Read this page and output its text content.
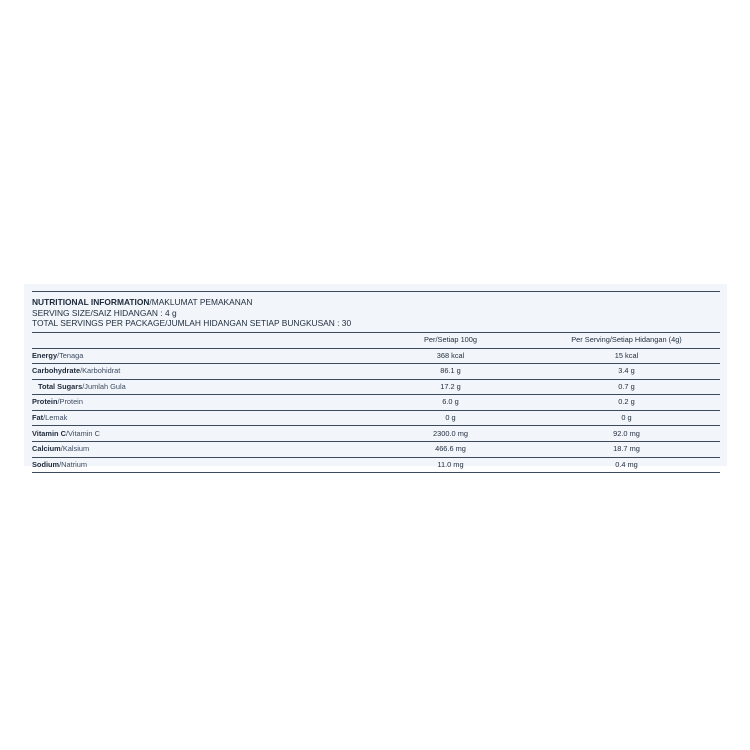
NUTRITIONAL INFORMATION/MAKLUMAT PEMAKANAN
SERVING SIZE/SAIZ HIDANGAN : 4 g
TOTAL SERVINGS PER PACKAGE/JUMLAH HIDANGAN SETIAP BUNGKUSAN : 30
	Per/Setiap 100g	Per Serving/Setiap Hidangan (4g)
Energy/Tenaga	368 kcal	15 kcal
Carbohydrate/Karbohidrat	86.1 g	3.4 g
Total Sugars/Jumlah Gula	17.2 g	0.7 g
Protein/Protein	6.0 g	0.2 g
Fat/Lemak	0 g	0 g
Vitamin C/Vitamin C	2300.0 mg	92.0 mg
Calcium/Kalsium	466.6 mg	18.7 mg
Sodium/Natrium	11.0 mg	0.4 mg
